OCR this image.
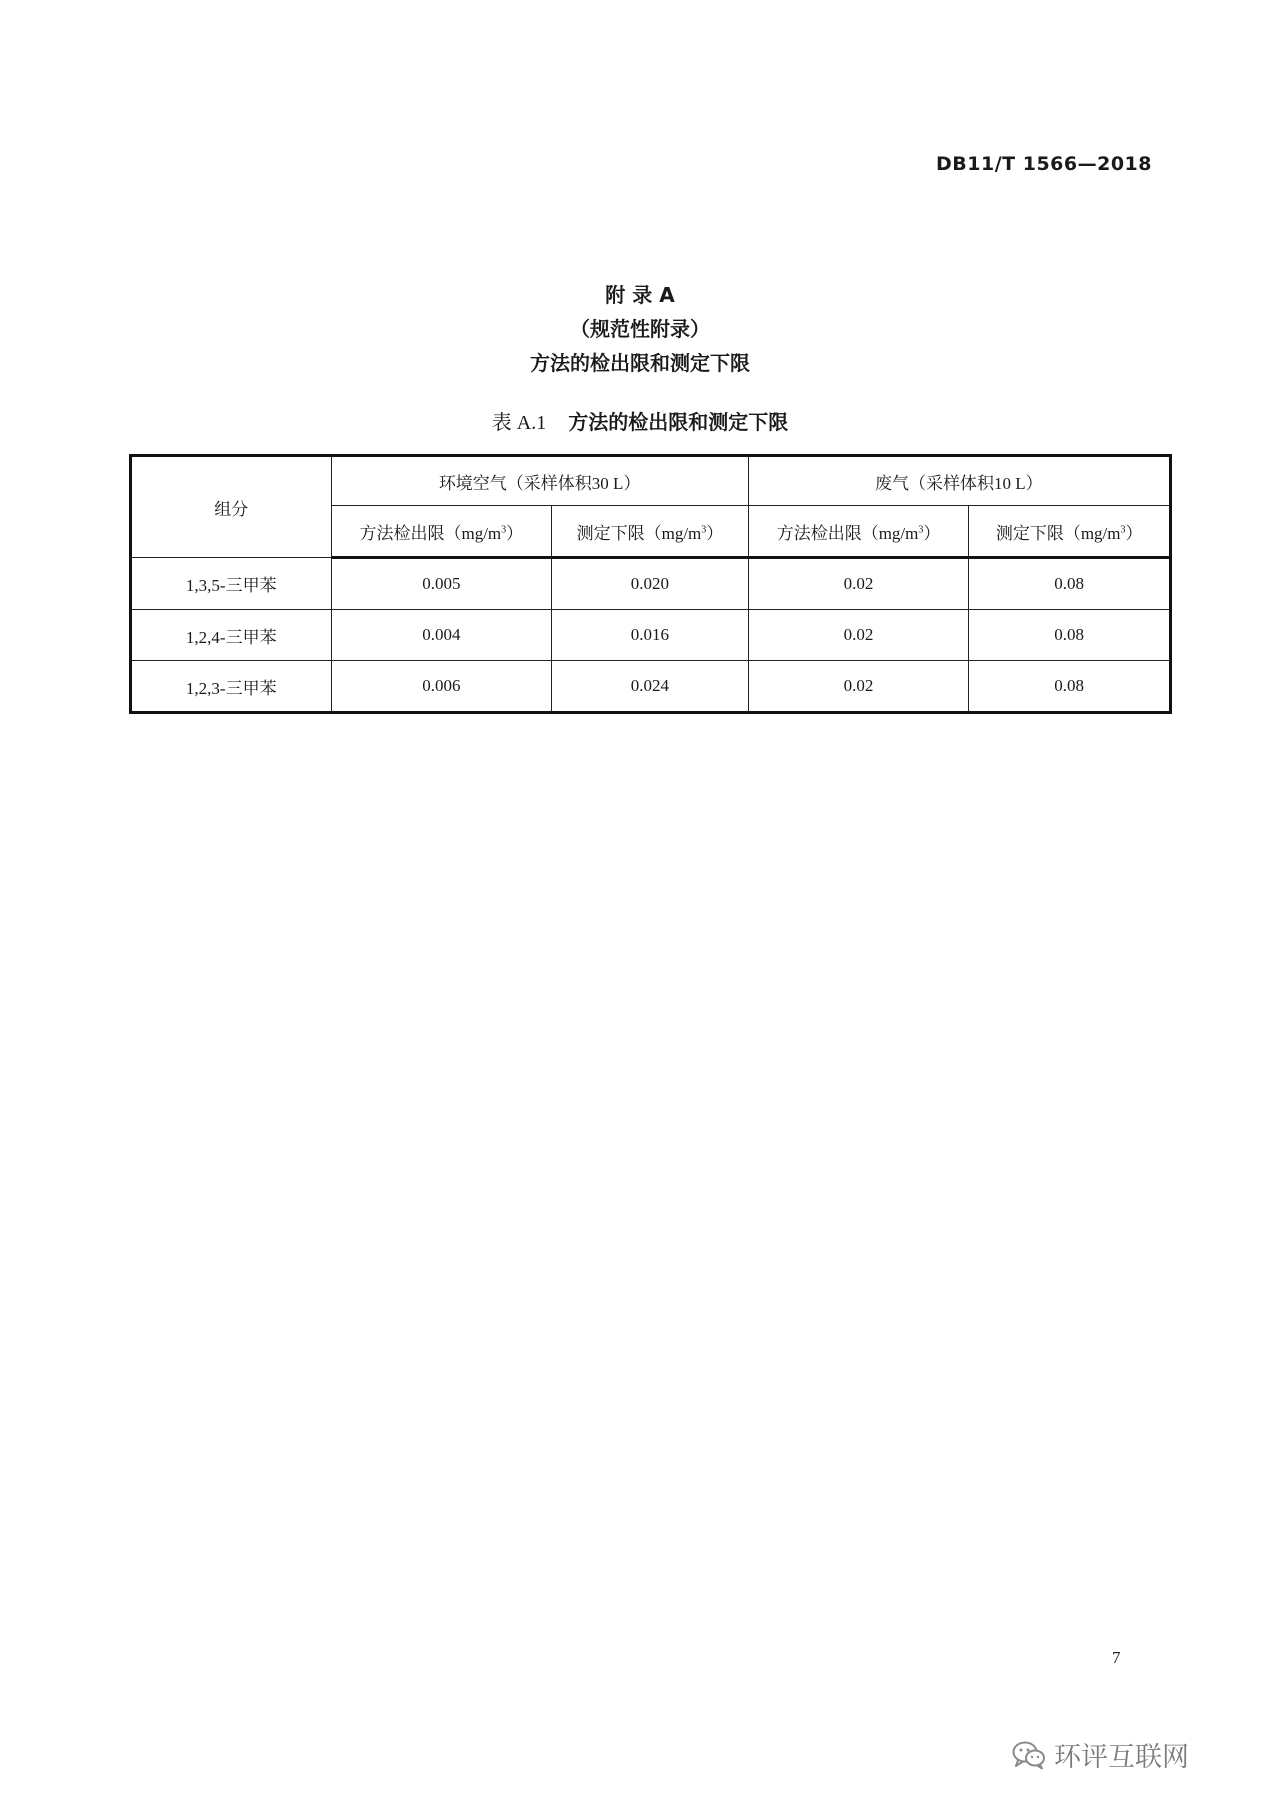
DB11/T 1566—2018
附 录 A
（规范性附录）
方法的检出限和测定下限
表 A.1 方法的检出限和测定下限
组分	环境空气（采样体积30 L）		废气（采样体积10 L）	
	方法检出限$(mg/m^3)$	测定下限$(mg/m^3)$	方法检出限$(mg/m^3)$	测定下限$(mg/m^3)$
1,3,5-三甲苯	0.005	0.020	0.02	0.08
1,2,4-三甲苯	0.004	0.016	0.02	0.08
1,2,3-三甲苯	0.006	0.024	0.02	0.08
7
环评互联网
